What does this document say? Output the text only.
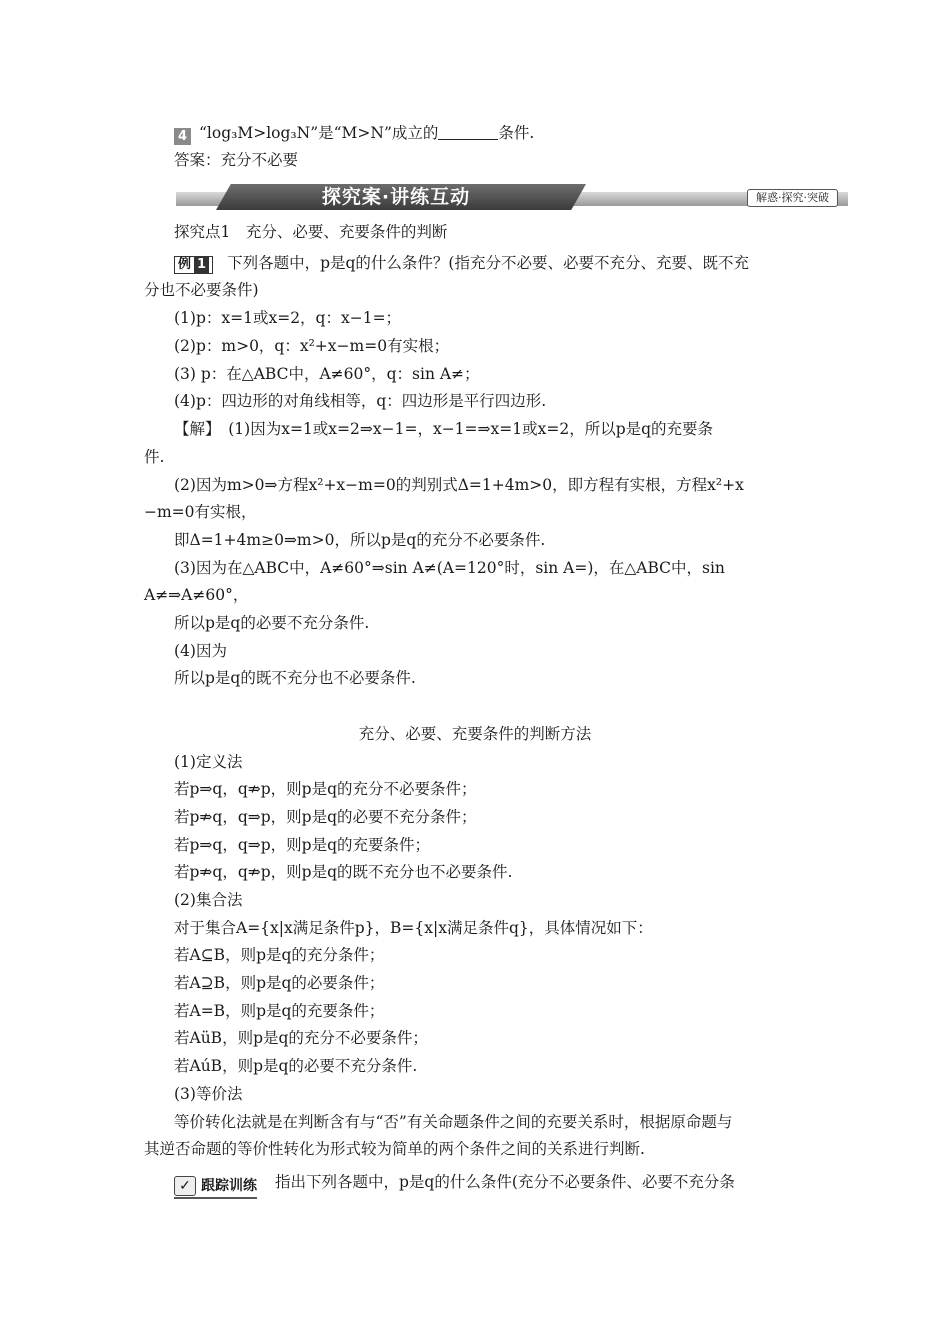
4 “log₃M>log₃N”是“M>N”成立的	条件.
答案：充分不必要
探究案·讲练互动	解惑·探究·突破
探究点1　充分、必要、充要条件的判断
例 1 下列各题中，p是q的什么条件？(指充分不必要、必要不充分、充要、既不充
分也不必要条件)
(1)p：x=1或x=2，q：x−1=；
(2)p：m>0，q：x²+x−m=0有实根；
(3) p：在△ABC中，A≠60°，q：sin A≠；
(4)p：四边形的对角线相等，q：四边形是平行四边形.
【解】　(1)因为x=1或x=2⇒x−1=，x−1=⇒x=1或x=2，所以p是q的充要条
件.
(2)因为m>0⇒方程x²+x−m=0的判别式Δ=1+4m>0，即方程有实根，方程x²+x
−m=0有实根，
即Δ=1+4m≥0⇒m>0，所以p是q的充分不必要条件.
(3)因为在△ABC中，A≠60°⇒sin A≠(A=120°时，sin A=)，在△ABC中，sin
A≠⇒A≠60°，
所以p是q的必要不充分条件.
(4)因为
所以p是q的既不充分也不必要条件.
充分、必要、充要条件的判断方法
(1)定义法
若p⇒q，q⇏p，则p是q的充分不必要条件；
若p⇏q，q⇒p，则p是q的必要不充分条件；
若p⇒q，q⇒p，则p是q的充要条件；
若p⇏q，q⇏p，则p是q的既不充分也不必要条件.
(2)集合法
对于集合A={x|x满足条件p}，B={x|x满足条件q}，具体情况如下：
若A⊆B，则p是q的充分条件；
若A⊇B，则p是q的必要条件；
若A=B，则p是q的充要条件；
若AüB，则p是q的充分不必要条件；
若AúB，则p是q的必要不充分条件.
(3)等价法
等价转化法就是在判断含有与“否”有关命题条件之间的充要关系时，根据原命题与
其逆否命题的等价性转化为形式较为简单的两个条件之间的关系进行判断.
✓ 跟踪训练 指出下列各题中，p是q的什么条件(充分不必要条件、必要不充分条
